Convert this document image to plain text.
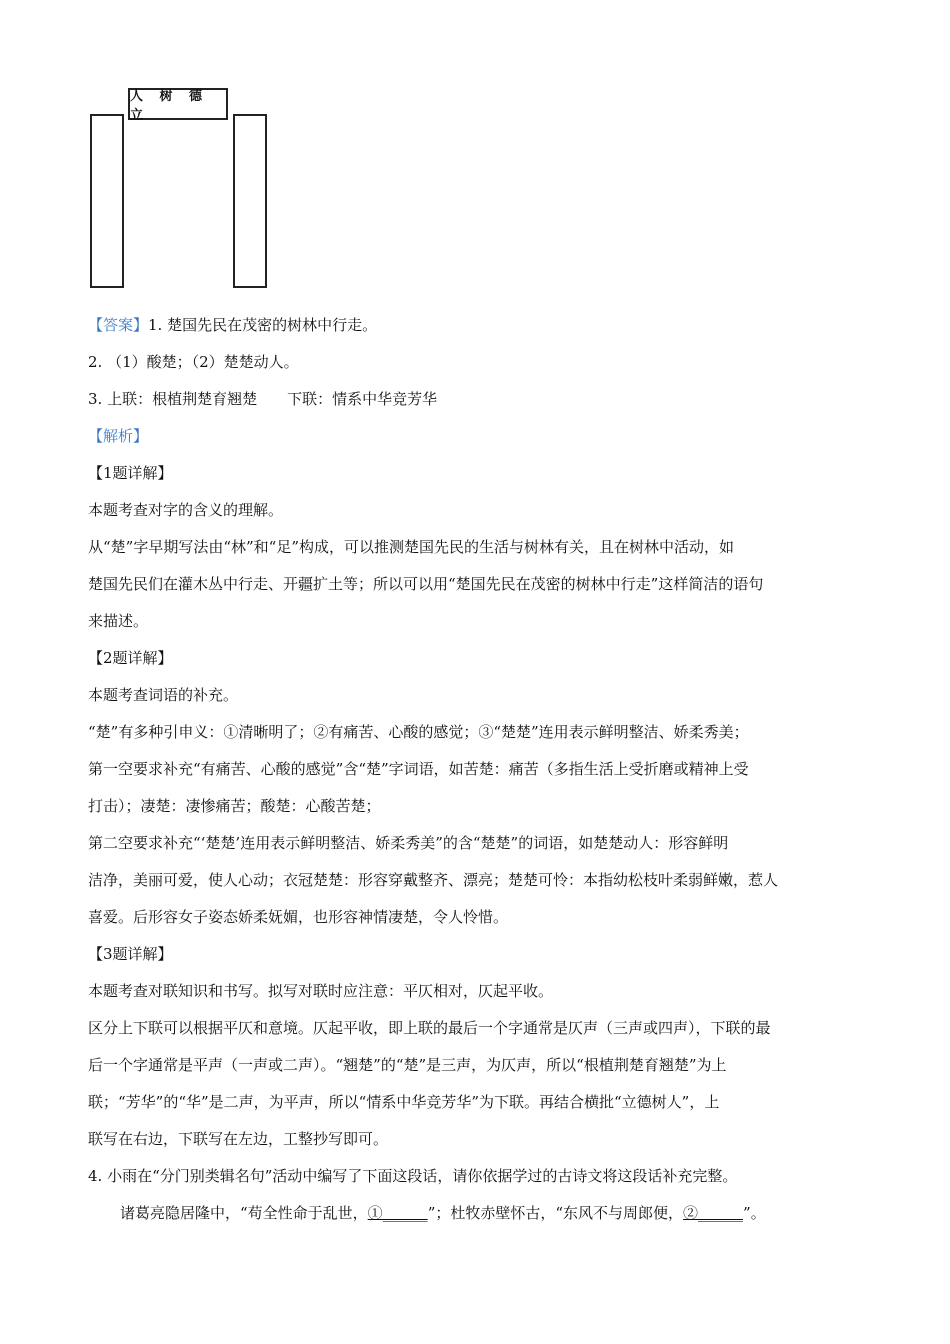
人 树 德 立
【答案】1. 楚国先民在茂密的树林中行走。
2. （1）酸楚；（2）楚楚动人。
3. 上联：根植荆楚育翘楚　　下联：情系中华竞芳华
【解析】
【1题详解】
本题考查对字的含义的理解。
从“楚”字早期写法由“林”和“足”构成，可以推测楚国先民的生活与树林有关，且在树林中活动，如
楚国先民们在灌木丛中行走、开疆扩土等；所以可以用“楚国先民在茂密的树林中行走”这样简洁的语句
来描述。
【2题详解】
本题考查词语的补充。
“楚”有多种引申义：①清晰明了；②有痛苦、心酸的感觉；③“楚楚”连用表示鲜明整洁、娇柔秀美；
第一空要求补充“有痛苦、心酸的感觉”含“楚”字词语，如苦楚：痛苦（多指生活上受折磨或精神上受
打击）；凄楚：凄惨痛苦；酸楚：心酸苦楚；
第二空要求补充“‘楚楚’连用表示鲜明整洁、娇柔秀美”的含“楚楚”的词语，如楚楚动人：形容鲜明
洁净，美丽可爱，使人心动；衣冠楚楚：形容穿戴整齐、漂亮；楚楚可怜：本指幼松枝叶柔弱鲜嫩，惹人
喜爱。后形容女子姿态娇柔妩媚，也形容神情凄楚，令人怜惜。
【3题详解】
本题考查对联知识和书写。拟写对联时应注意：平仄相对，仄起平收。
区分上下联可以根据平仄和意境。仄起平收，即上联的最后一个字通常是仄声（三声或四声），下联的最
后一个字通常是平声（一声或二声）。“翘楚”的“楚”是三声，为仄声，所以“根植荆楚育翘楚”为上
联；“芳华”的“华”是二声，为平声，所以“情系中华竞芳华”为下联。再结合横批“立德树人”，上
联写在右边，下联写在左边，工整抄写即可。
4. 小雨在“分门别类辑名句”活动中编写了下面这段话，请你依据学过的古诗文将这段话补充完整。
诸葛亮隐居隆中，“苟全性命于乱世，①______”；杜牧赤壁怀古，“东风不与周郎便，②______”。
